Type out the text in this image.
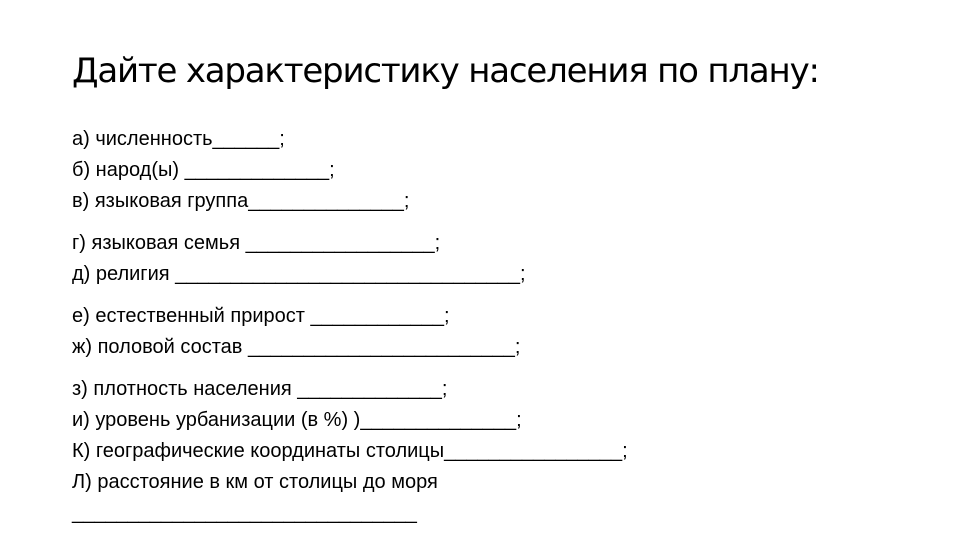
Дайте характеристику населения по плану:
а) численность______;
б) народ(ы) _____________;
в) языковая группа______________;
г) языковая семья _________________;
д) религия _______________________________;
е) естественный прирост ____________;
ж) половой состав ________________________;
з) плотность населения _____________;
и) уровень урбанизации (в %) )______________;
К) географические координаты столицы________________;
Л) расстояние в км от столицы до моря
_______________________________
